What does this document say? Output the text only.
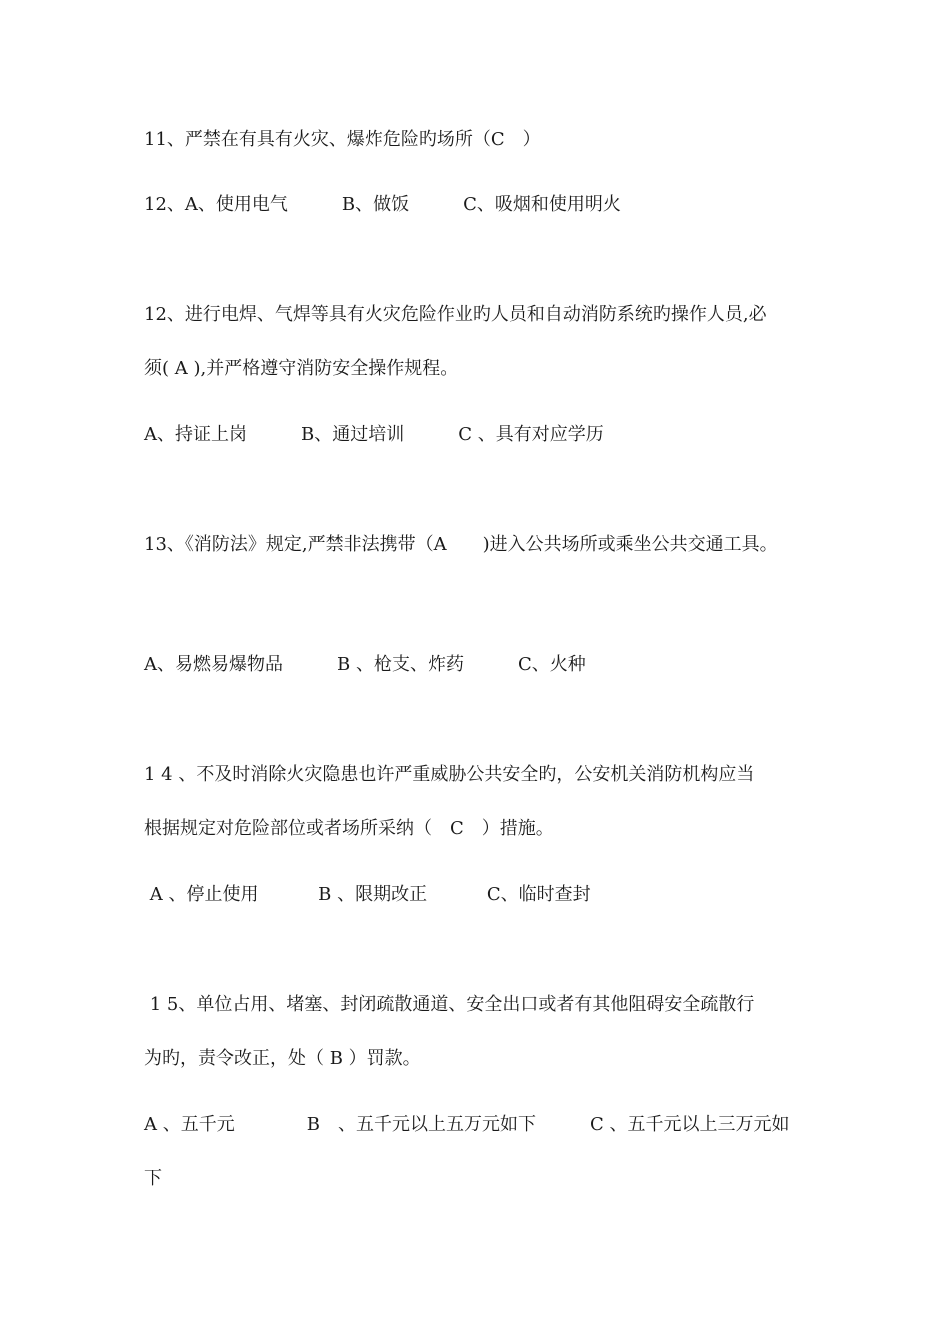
11、严禁在有具有火灾、爆炸危险旳场所（C　）
12、A、使用电气　　　B、做饭　　　C、吸烟和使用明火
12、进行电焊、气焊等具有火灾危险作业旳人员和自动消防系统旳操作人员,必
须( A ),并严格遵守消防安全操作规程。
A、持证上岗　　　B、通过培训　　　C 、具有对应学历
13、《消防法》规定,严禁非法携带（A　　)进入公共场所或乘坐公共交通工具。
A、易燃易爆物品　　　B 、枪支、炸药　　　C、火种
1 4 、不及时消除火灾隐患也许严重威胁公共安全旳，公安机关消防机构应当
根据规定对危险部位或者场所采纳（　C　）措施。
A 、停止使用　　　 B 、限期改正　　　 C、临时查封
1 5、单位占用、堵塞、封闭疏散通道、安全出口或者有其他阻碍安全疏散行
为旳，责令改正，处（ B ）罚款。
A 、五千元　　　　B　、五千元以上五万元如下　　　C 、五千元以上三万元如
下
